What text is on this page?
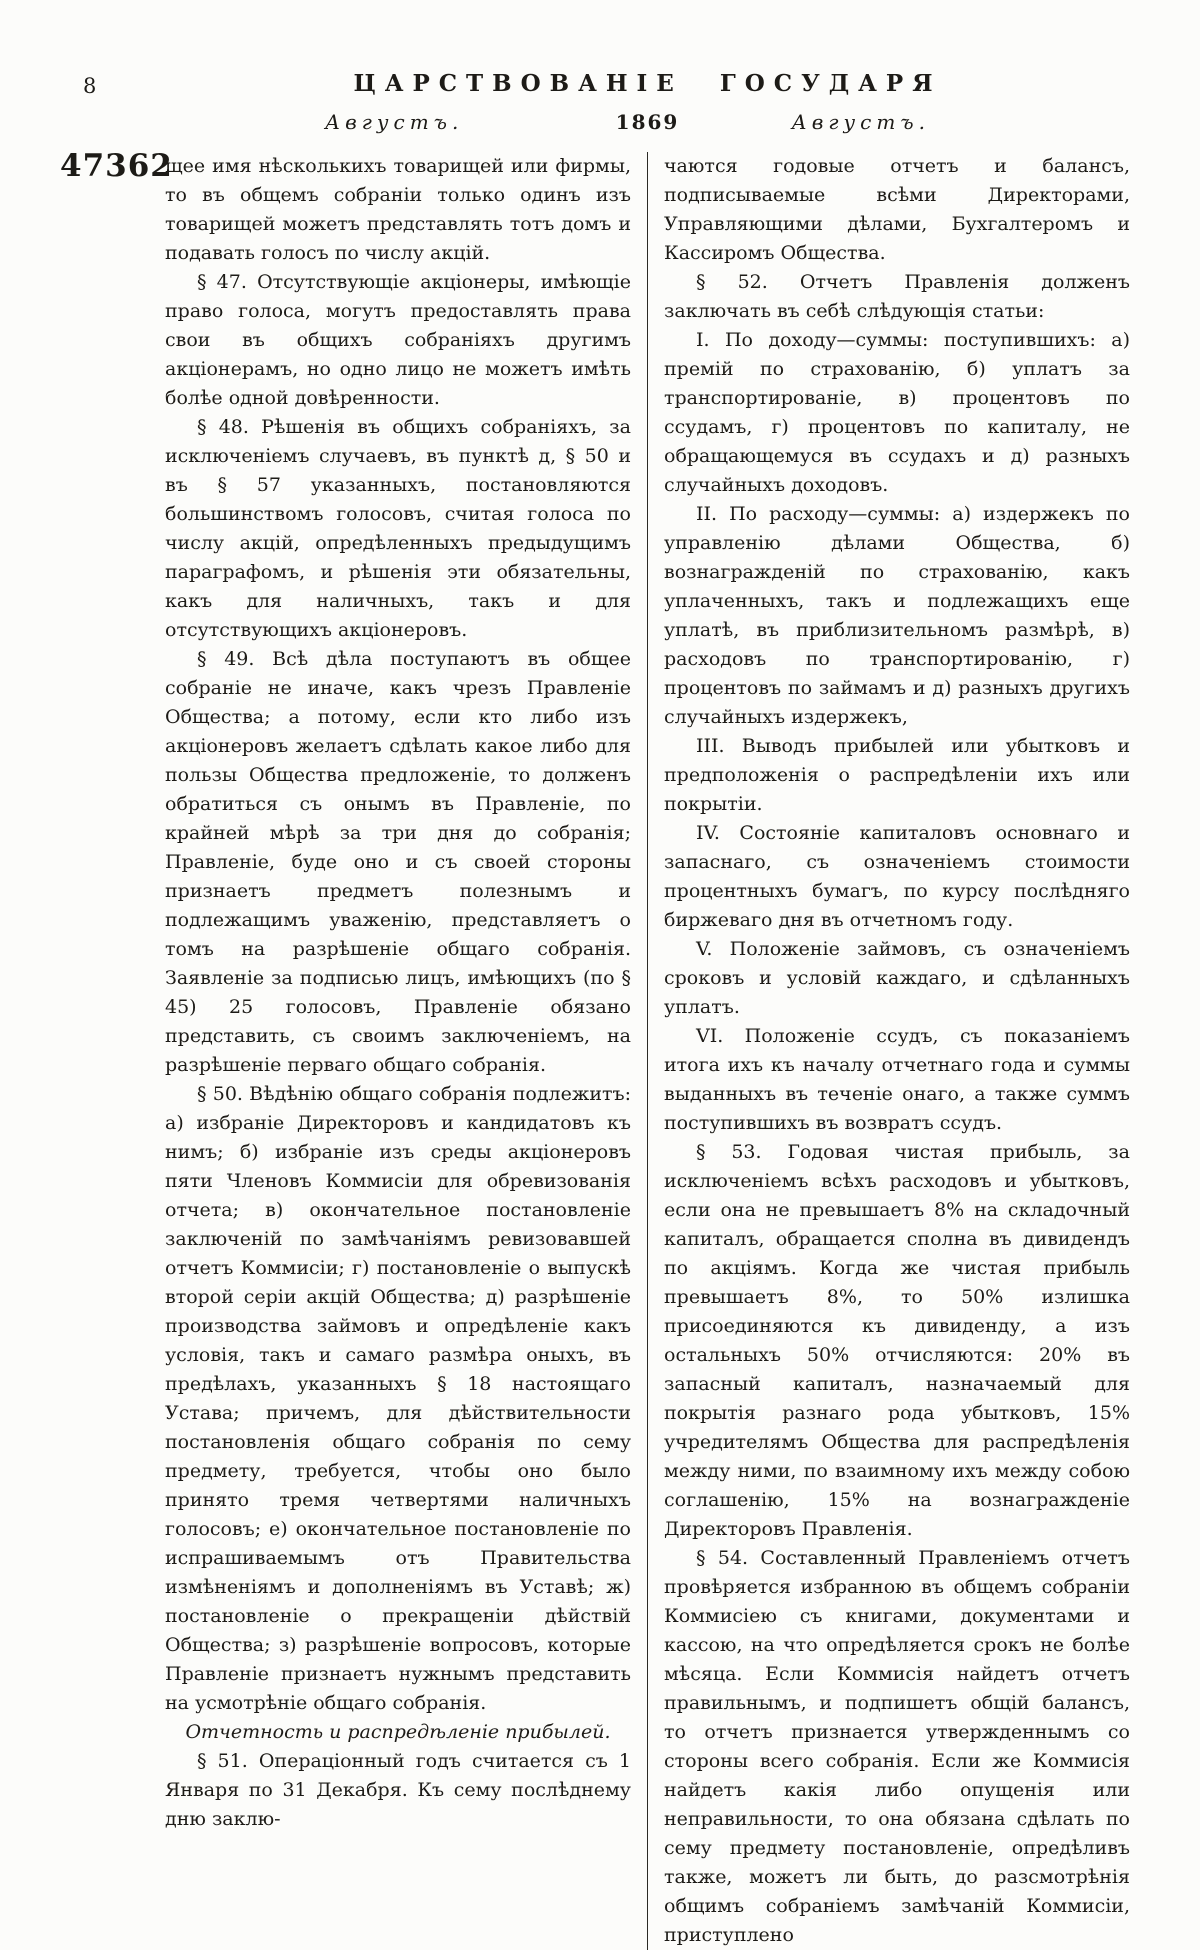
8	ЦАРСТВОВАНІЕ ГОСУДАРЯ
Августъ.	1869	Августъ.
47362

щее имя нѣсколькихъ товарищей или фирмы, то въ общемъ собраніи только одинъ изъ товарищей можетъ представлять тотъ домъ и подавать голосъ по числу акцій.

§ 47. Отсутствующіе акціонеры, имѣющіе право голоса, могутъ предоставлять права свои въ общихъ собраніяхъ другимъ акціонерамъ, но одно лицо не можетъ имѣть болѣе одной довѣренности.

§ 48. Рѣшенія въ общихъ собраніяхъ, за исключеніемъ случаевъ, въ пунктѣ д, § 50 и въ § 57 указанныхъ, постановляются большинствомъ голосовъ, считая голоса по числу акцій, опредѣленныхъ предыдущимъ параграфомъ, и рѣшенія эти обязательны, какъ для наличныхъ, такъ и для отсутствующихъ акціонеровъ.

§ 49. Всѣ дѣла поступаютъ въ общее собраніе не иначе, какъ чрезъ Правленіе Общества; а потому, если кто либо изъ акціонеровъ желаетъ сдѣлать какое либо для пользы Общества предложеніе, то долженъ обратиться съ онымъ въ Правленіе, по крайней мѣрѣ за три дня до собранія; Правленіе, буде оно и съ своей стороны признаетъ предметъ полезнымъ и подлежащимъ уваженію, представляетъ о томъ на разрѣшеніе общаго собранія. Заявленіе за подписью лицъ, имѣющихъ (по § 45) 25 голосовъ, Правленіе обязано представить, съ своимъ заключеніемъ, на разрѣшеніе перваго общаго собранія.

§ 50. Вѣдѣнію общаго собранія подлежитъ: а) избраніе Директоровъ и кандидатовъ къ нимъ; б) избраніе изъ среды акціонеровъ пяти Членовъ Коммисіи для обревизованія отчета; в) окончательное постановленіе заключеній по замѣчаніямъ ревизовавшей отчетъ Коммисіи; г) постановленіе о выпускѣ второй серіи акцій Общества; д) разрѣшеніе производства займовъ и опредѣленіе какъ условія, такъ и самаго размѣра оныхъ, въ предѣлахъ, указанныхъ § 18 настоящаго Устава; причемъ, для дѣйствительности постановленія общаго собранія по сему предмету, требуется, чтобы оно было принято тремя четвертями наличныхъ голосовъ; е) окончательное постановленіе по испрашиваемымъ отъ Правительства измѣненіямъ и дополненіямъ въ Уставѣ; ж) постановленіе о прекращеніи дѣйствій Общества; з) разрѣшеніе вопросовъ, которые Правленіе признаетъ нужнымъ представить на усмотрѣніе общаго собранія.

Отчетность и распредѣленіе прибылей.

§ 51. Операціонный годъ считается съ 1 Января по 31 Декабря. Къ сему послѣднему дню заклю-

чаются годовые отчетъ и балансъ, подписываемые всѣми Директорами, Управляющими дѣлами, Бухгалтеромъ и Кассиромъ Общества.

§ 52. Отчетъ Правленія долженъ заключать въ себѣ слѣдующія статьи:

I. По доходу—суммы: поступившихъ: а) премій по страхованію, б) уплатъ за транспортированіе, в) процентовъ по ссудамъ, г) процентовъ по капиталу, не обращающемуся въ ссудахъ и д) разныхъ случайныхъ доходовъ.

II. По расходу—суммы: а) издержекъ по управленію дѣлами Общества, б) вознагражденій по страхованію, какъ уплаченныхъ, такъ и подлежащихъ еще уплатѣ, въ приблизительномъ размѣрѣ, в) расходовъ по транспортированію, г) процентовъ по займамъ и д) разныхъ другихъ случайныхъ издержекъ,

III. Выводъ прибылей или убытковъ и предположенія о распредѣленіи ихъ или покрытіи.

IV. Состояніе капиталовъ основнаго и запаснаго, съ означеніемъ стоимости процентныхъ бумагъ, по курсу послѣдняго биржеваго дня въ отчетномъ году.

V. Положеніе займовъ, съ означеніемъ сроковъ и условій каждаго, и сдѣланныхъ уплатъ.

VI. Положеніе ссудъ, съ показаніемъ итога ихъ къ началу отчетнаго года и суммы выданныхъ въ теченіе онаго, а также суммъ поступившихъ въ возвратъ ссудъ.

§ 53. Годовая чистая прибыль, за исключеніемъ всѣхъ расходовъ и убытковъ, если она не превышаетъ 8% на складочный капиталъ, обращается сполна въ дивидендъ по акціямъ. Когда же чистая прибыль превышаетъ 8%, то 50% излишка присоединяются къ дивиденду, а изъ остальныхъ 50% отчисляются: 20% въ запасный капиталъ, назначаемый для покрытія разнаго рода убытковъ, 15% учредителямъ Общества для распредѣленія между ними, по взаимному ихъ между собою соглашенію, 15% на вознагражденіе Директоровъ Правленія.

§ 54. Составленный Правленіемъ отчетъ провѣряется избранною въ общемъ собраніи Коммисіею съ книгами, документами и кассою, на что опредѣляется срокъ не болѣе мѣсяца. Если Коммисія найдетъ отчетъ правильнымъ, и подпишетъ общій балансъ, то отчетъ признается утвержденнымъ со стороны всего собранія. Если же Коммисія найдетъ какія либо опущенія или неправильности, то она обязана сдѣлать по сему предмету постановленіе, опредѣливъ также, можетъ ли быть, до разсмотрѣнія общимъ собраніемъ замѣчаній Коммисіи, приступлено
